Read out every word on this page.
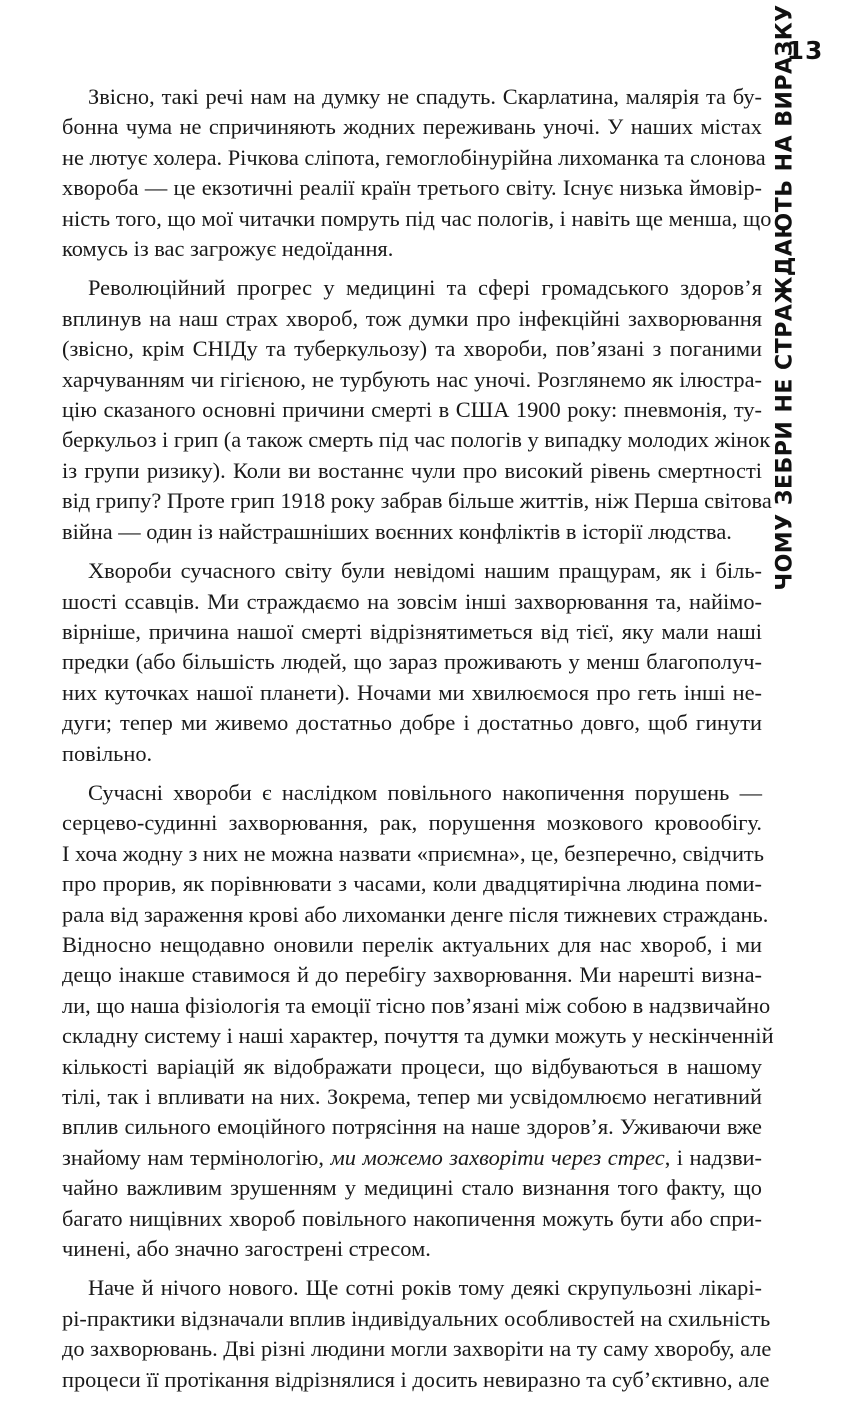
13
ЧОМУ ЗЕБРИ НЕ СТРАЖДАЮТЬ НА ВИРАЗКУ

Звісно, такі речі нам на думку не спадуть. Скарлатина, малярія та бу-
бонна чума не спричиняють жодних переживань уночі. У наших містах
не лютує холера. Річкова сліпота, гемоглобінурійна лихоманка та слонова
хвороба — це екзотичні реалії країн третього світу. Існує низька ймовір-
ність того, що мої читачки помруть під час пологів, і навіть ще менша, що
комусь із вас загрожує недоїдання.

Революційний прогрес у медицині та сфері громадського здоров’я
вплинув на наш страх хвороб, тож думки про інфекційні захворювання
(звісно, крім СНІДу та туберкульозу) та хвороби, пов’язані з поганими
харчуванням чи гігієною, не турбують нас уночі. Розглянемо як ілюстра-
цію сказаного основні причини смерті в США 1900 року: пневмонія, ту-
беркульоз і грип (а також смерть під час пологів у випадку молодих жінок
із групи ризику). Коли ви востаннє чули про високий рівень смертності
від грипу? Проте грип 1918 року забрав більше життів, ніж Перша світова
війна — один із найстрашніших воєнних конфліктів в історії людства.

Хвороби сучасного світу були невідомі нашим пращурам, як і біль-
шості ссавців. Ми страждаємо на зовсім інші захворювання та, найімо-
вірніше, причина нашої смерті відрізнятиметься від тієї, яку мали наші
предки (або більшість людей, що зараз проживають у менш благополуч-
них куточках нашої планети). Ночами ми хвилюємося про геть інші не-
дуги; тепер ми живемо достатньо добре і достатньо довго, щоб гинути
повільно.

Сучасні хвороби є наслідком повільного накопичення порушень —
серцево-судинні захворювання, рак, порушення мозкового кровообігу.
І хоча жодну з них не можна назвати «приємна», це, безперечно, свідчить
про прорив, як порівнювати з часами, коли двадцятирічна людина поми-
рала від зараження крові або лихоманки денге після тижневих страждань.
Відносно нещодавно оновили перелік актуальних для нас хвороб, і ми
дещо інакше ставимося й до перебігу захворювання. Ми нарешті визна-
ли, що наша фізіологія та емоції тісно пов’язані між собою в надзвичайно
складну систему і наші характер, почуття та думки можуть у нескінченній
кількості варіацій як відображати процеси, що відбуваються в нашому
тілі, так і впливати на них. Зокрема, тепер ми усвідомлюємо негативний
вплив сильного емоційного потрясіння на наше здоров’я. Уживаючи вже
знайому нам термінологію, ми можемо захворіти через стрес, і надзви-
чайно важливим зрушенням у медицині стало визнання того факту, що
багато нищівних хвороб повільного накопичення можуть бути або спри-
чинені, або значно загострені стресом.

Наче й нічого нового. Ще сотні років тому деякі скрупульозні лікарі-
рі-практики відзначали вплив індивідуальних особливостей на схильність
до захворювань. Дві різні людини могли захворіти на ту саму хворобу, але
процеси її протікання відрізнялися і досить невиразно та суб’єктивно, але
